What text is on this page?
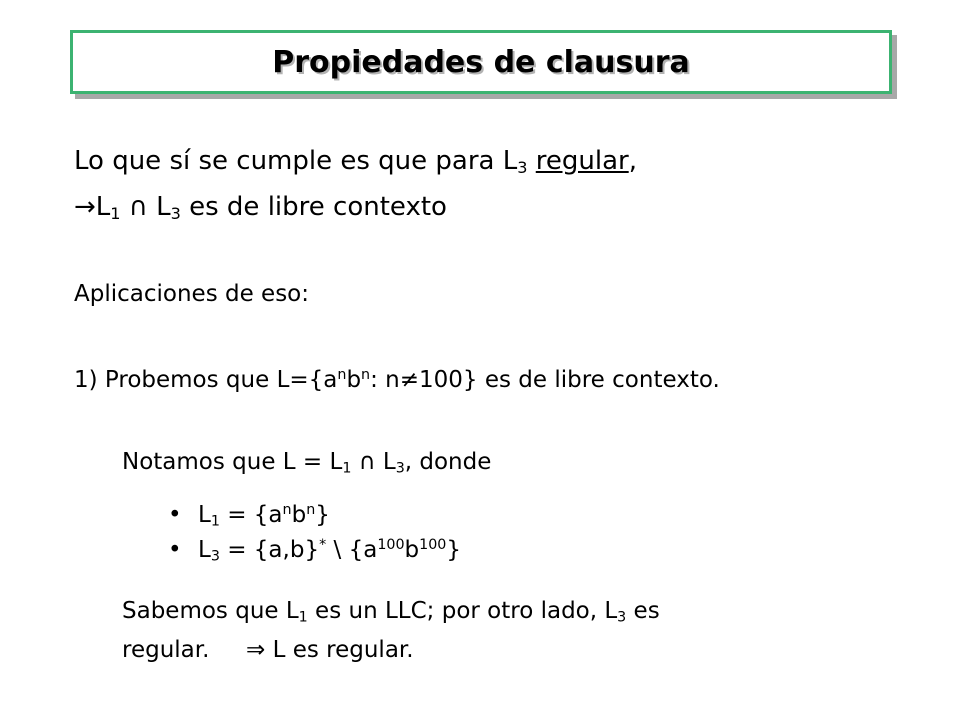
Propiedades de clausura
Lo que sí se cumple es que para $L_3$ regular,
$\to L_1$ ∩ $L_3$ es de libre contexto
Aplicaciones de eso:
1) Probemos que $L=\{a^nb^n$: n≠100} es de libre contexto.
Notamos que $L = L_1$ ∩ $L_3$, donde
• $L_1 = \{a^nb^n\}$
• $L_3 = \{a,b\}^*$ \ $\{a^{100}b^{100}\}$
Sabemos que $L_1$ es un LLC; por otro lado, $L_3$ es
regular.     ⇒ L es regular.
